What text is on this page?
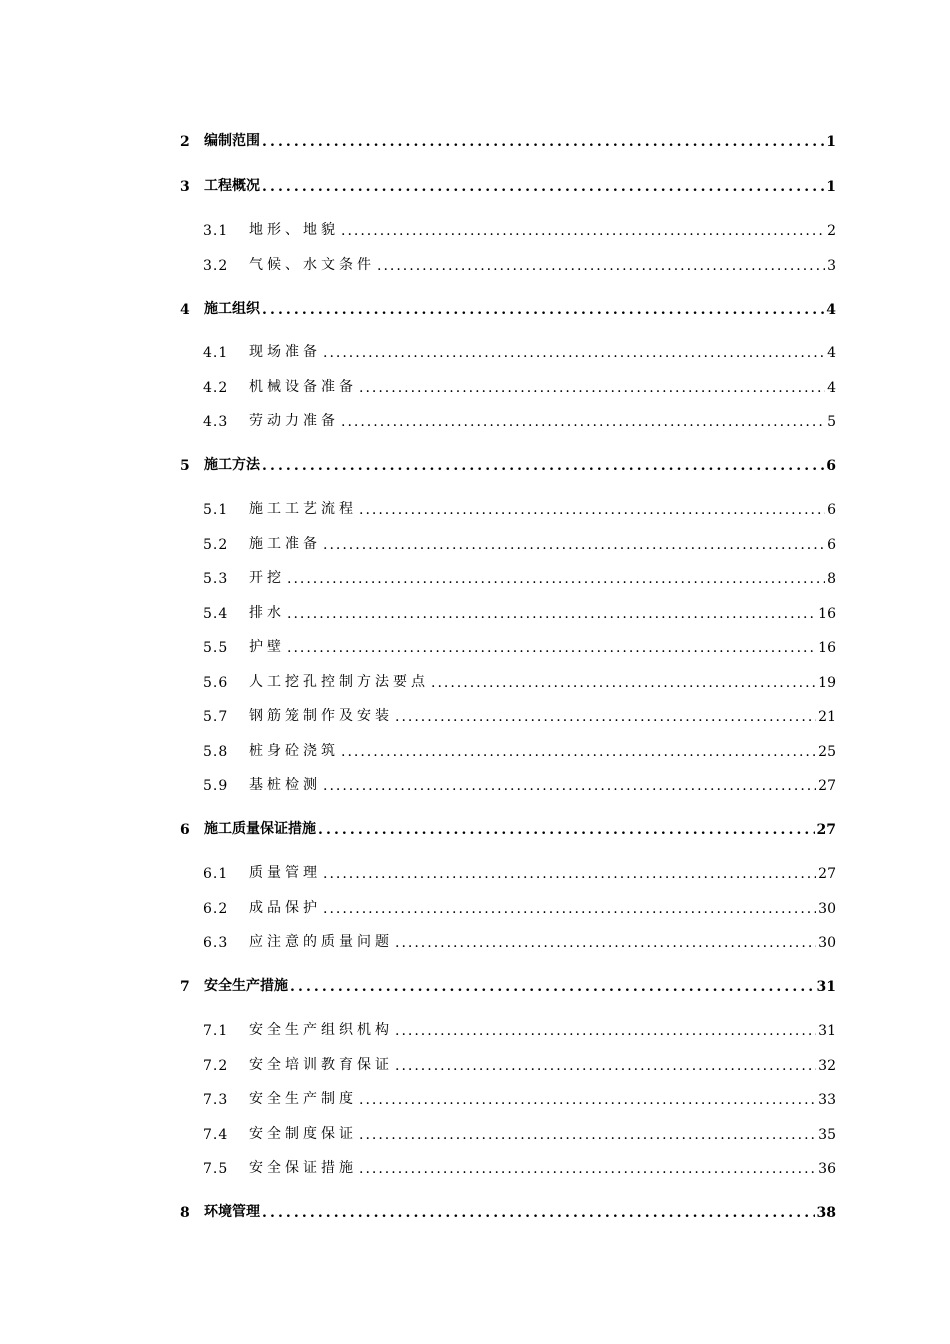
2	编制范围 .....	1
3	工程概况 .....	1
3.1	地形、地貌 .....	2
3.2	气候、水文条件 .....	3
4	施工组织 .....	4
4.1	现场准备 .....	4
4.2	机械设备准备 .....	4
4.3	劳动力准备 .....	5
5	施工方法 .....	6
5.1	施工工艺流程 .....	6
5.2	施工准备 .....	6
5.3	开挖 .....	8
5.4	排水 .....	16
5.5	护壁 .....	16
5.6	人工挖孔控制方法要点 .....	19
5.7	钢筋笼制作及安装 .....	21
5.8	桩身砼浇筑 .....	25
5.9	基桩检测 .....	27
6	施工质量保证措施 .....	27
6.1	质量管理 .....	27
6.2	成品保护 .....	30
6.3	应注意的质量问题 .....	30
7	安全生产措施 .....	31
7.1	安全生产组织机构 .....	31
7.2	安全培训教育保证 .....	32
7.3	安全生产制度 .....	33
7.4	安全制度保证 .....	35
7.5	安全保证措施 .....	36
8	环境管理 .....	38
